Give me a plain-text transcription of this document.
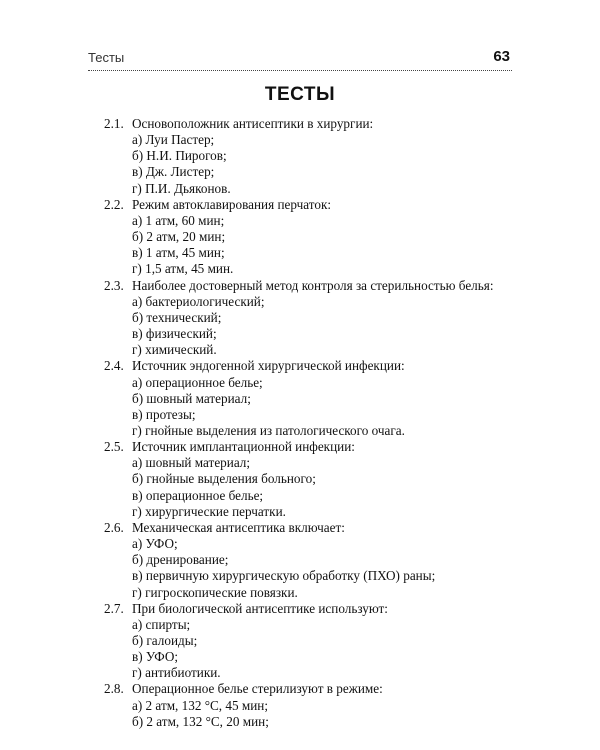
Тесты	63
ТЕСТЫ
2.1. Основоположник антисептики в хирургии:
а) Луи Пастер;
б) Н.И. Пирогов;
в) Дж. Листер;
г) П.И. Дьяконов.
2.2. Режим автоклавирования перчаток:
а) 1 атм, 60 мин;
б) 2 атм, 20 мин;
в) 1 атм, 45 мин;
г) 1,5 атм, 45 мин.
2.3. Наиболее достоверный метод контроля за стерильностью белья:
а) бактериологический;
б) технический;
в) физический;
г) химический.
2.4. Источник эндогенной хирургической инфекции:
а) операционное белье;
б) шовный материал;
в) протезы;
г) гнойные выделения из патологического очага.
2.5. Источник имплантационной инфекции:
а) шовный материал;
б) гнойные выделения больного;
в) операционное белье;
г) хирургические перчатки.
2.6. Механическая антисептика включает:
а) УФО;
б) дренирование;
в) первичную хирургическую обработку (ПХО) раны;
г) гигроскопические повязки.
2.7. При биологической антисептике используют:
а) спирты;
б) галоиды;
в) УФО;
г) антибиотики.
2.8. Операционное белье стерилизуют в режиме:
а) 2 атм, 132 °С, 45 мин;
б) 2 атм, 132 °С, 20 мин;
